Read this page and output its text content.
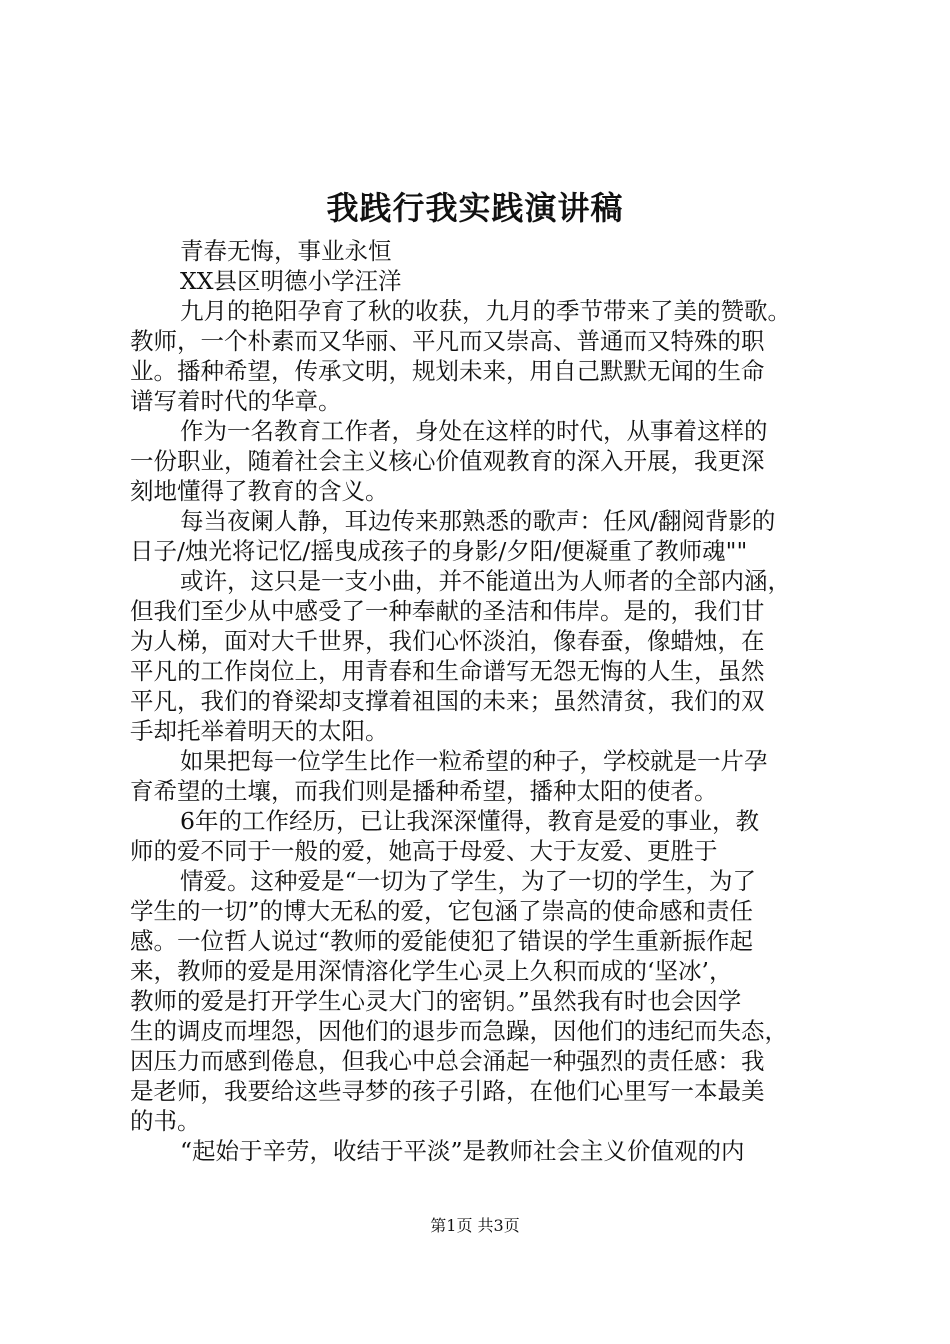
我践行我实践演讲稿
青春无悔，事业永恒
XX县区明德小学汪洋
九月的艳阳孕育了秋的收获，九月的季节带来了美的赞歌。
教师，一个朴素而又华丽、平凡而又崇高、普通而又特殊的职
业。播种希望，传承文明，规划未来，用自己默默无闻的生命
谱写着时代的华章。
作为一名教育工作者，身处在这样的时代，从事着这样的
一份职业，随着社会主义核心价值观教育的深入开展，我更深
刻地懂得了教育的含义。
每当夜阑人静，耳边传来那熟悉的歌声：任风/翻阅背影的
日子/烛光将记忆/摇曳成孩子的身影/夕阳/便凝重了教师魂""
或许，这只是一支小曲，并不能道出为人师者的全部内涵，
但我们至少从中感受了一种奉献的圣洁和伟岸。是的，我们甘
为人梯，面对大千世界，我们心怀淡泊，像春蚕，像蜡烛，在
平凡的工作岗位上，用青春和生命谱写无怨无悔的人生，虽然
平凡，我们的脊梁却支撑着祖国的未来；虽然清贫，我们的双
手却托举着明天的太阳。
如果把每一位学生比作一粒希望的种子，学校就是一片孕
育希望的土壤，而我们则是播种希望，播种太阳的使者。
6年的工作经历，已让我深深懂得，教育是爱的事业，教
师的爱不同于一般的爱，她高于母爱、大于友爱、更胜于
情爱。这种爱是“一切为了学生，为了一切的学生，为了
学生的一切”的博大无私的爱，它包涵了崇高的使命感和责任
感。一位哲人说过“教师的爱能使犯了错误的学生重新振作起
来，教师的爱是用深情溶化学生心灵上久积而成的‘坚冰’，
教师的爱是打开学生心灵大门的密钥。”虽然我有时也会因学
生的调皮而埋怨，因他们的退步而急躁，因他们的违纪而失态，
因压力而感到倦息，但我心中总会涌起一种强烈的责任感：我
是老师，我要给这些寻梦的孩子引路，在他们心里写一本最美
的书。
“起始于辛劳，收结于平淡”是教师社会主义价值观的内
第1页 共3页
